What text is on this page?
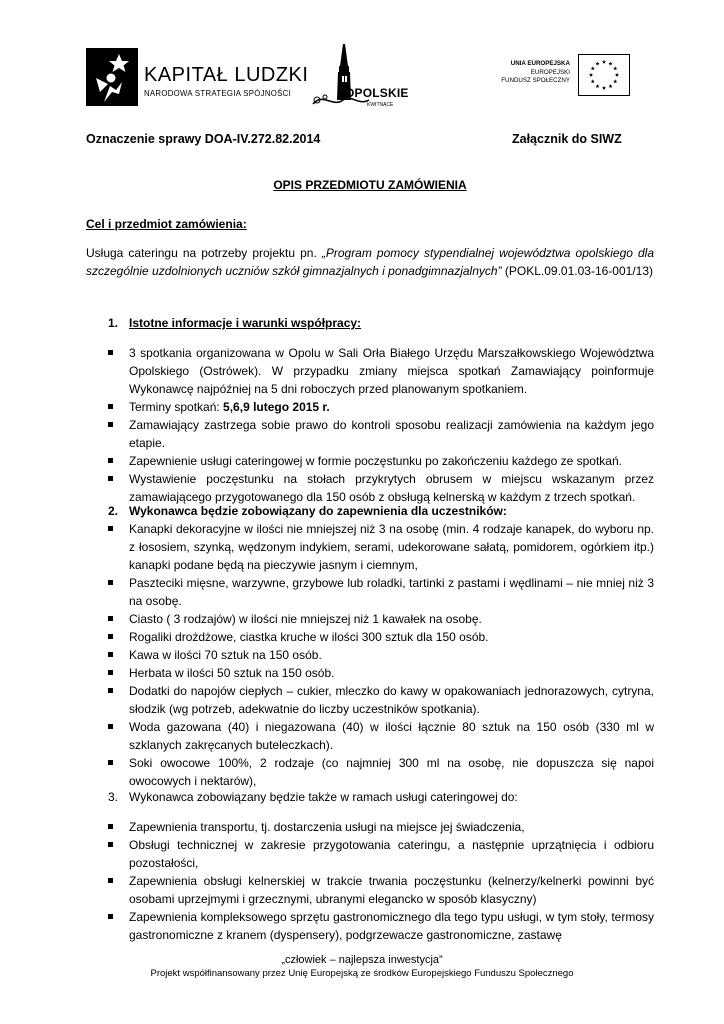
KAPITAŁ LUDZKI
NARODOWA STRATEGIA SPÓJNOŚCI	OPOLSKIE
KWITNĄCE
UNIA EUROPEJSKA
EUROPEJSKI
FUNDUSZ SPOŁECZNY
Oznaczenie sprawy DOA-IV.272.82.2014	Załącznik do SIWZ
OPIS PRZEDMIOTU ZAMÓWIENIA
Cel i przedmiot zamówienia:
Usługa cateringu na potrzeby projektu pn. „Program pomocy stypendialnej województwa opolskiego dla szczególnie uzdolnionych uczniów szkół gimnazjalnych i ponadgimnazjalnych” (POKL.09.01.03-16-001/13)
1. Istotne informacje i warunki współpracy:
3 spotkania organizowana w Opolu w Sali Orła Białego Urzędu Marszałkowskiego Województwa Opolskiego (Ostrówek). W przypadku zmiany miejsca spotkań Zamawiający poinformuje Wykonawcę najpóźniej na 5 dni roboczych przed planowanym spotkaniem.
Terminy spotkań: 5,6,9 lutego 2015 r.
Zamawiający zastrzega sobie prawo do kontroli sposobu realizacji zamówienia na każdym jego etapie.
Zapewnienie usługi cateringowej w formie poczęstunku po zakończeniu każdego ze spotkań.
Wystawienie poczęstunku na stołach przykrytych obrusem w miejscu wskazanym przez zamawiającego przygotowanego dla 150 osób z obsługą kelnerską w każdym z trzech spotkań.
2. Wykonawca będzie zobowiązany do zapewnienia dla uczestników:
Kanapki dekoracyjne w ilości nie mniejszej niż 3 na osobę (min. 4 rodzaje kanapek, do wyboru np. z łososiem, szynką, wędzonym indykiem, serami, udekorowane sałatą, pomidorem, ogórkiem itp.) kanapki podane będą na pieczywie jasnym i ciemnym,
Paszteciki mięsne, warzywne, grzybowe lub roladki, tartinki z pastami i wędlinami – nie mniej niż 3 na osobę.
Ciasto ( 3 rodzajów) w ilości nie mniejszej niż 1 kawałek na osobę.
Rogaliki drożdżowe, ciastka kruche w ilości 300 sztuk dla 150 osób.
Kawa w ilości 70 sztuk na 150 osób.
Herbata w ilości 50 sztuk na 150 osób.
Dodatki do napojów ciepłych – cukier, mleczko do kawy w opakowaniach jednorazowych, cytryna, słodzik (wg potrzeb, adekwatnie do liczby uczestników spotkania).
Woda gazowana (40) i niegazowana (40) w ilości łącznie 80 sztuk na 150 osób (330 ml w szklanych zakręcanych buteleczkach).
Soki owocowe 100%, 2 rodzaje (co najmniej 300 ml na osobę, nie dopuszcza się napoi owocowych i nektarów),
3. Wykonawca zobowiązany będzie także w ramach usługi cateringowej do:
Zapewnienia transportu, tj. dostarczenia usługi na miejsce jej świadczenia,
Obsługi technicznej w zakresie przygotowania cateringu, a następnie uprzątnięcia i odbioru pozostałości,
Zapewnienia obsługi kelnerskiej w trakcie trwania poczęstunku (kelnerzy/kelnerki powinni być osobami uprzejmymi i grzecznymi, ubranymi elegancko w sposób klasyczny)
Zapewnienia kompleksowego sprzętu gastronomicznego dla tego typu usługi, w tym stoły, termosy gastronomiczne z kranem (dyspensery), podgrzewacze gastronomiczne, zastawę
„człowiek – najlepsza inwestycja”
Projekt współfinansowany przez Unię Europejską ze środków Europejskiego Funduszu Społecznego
